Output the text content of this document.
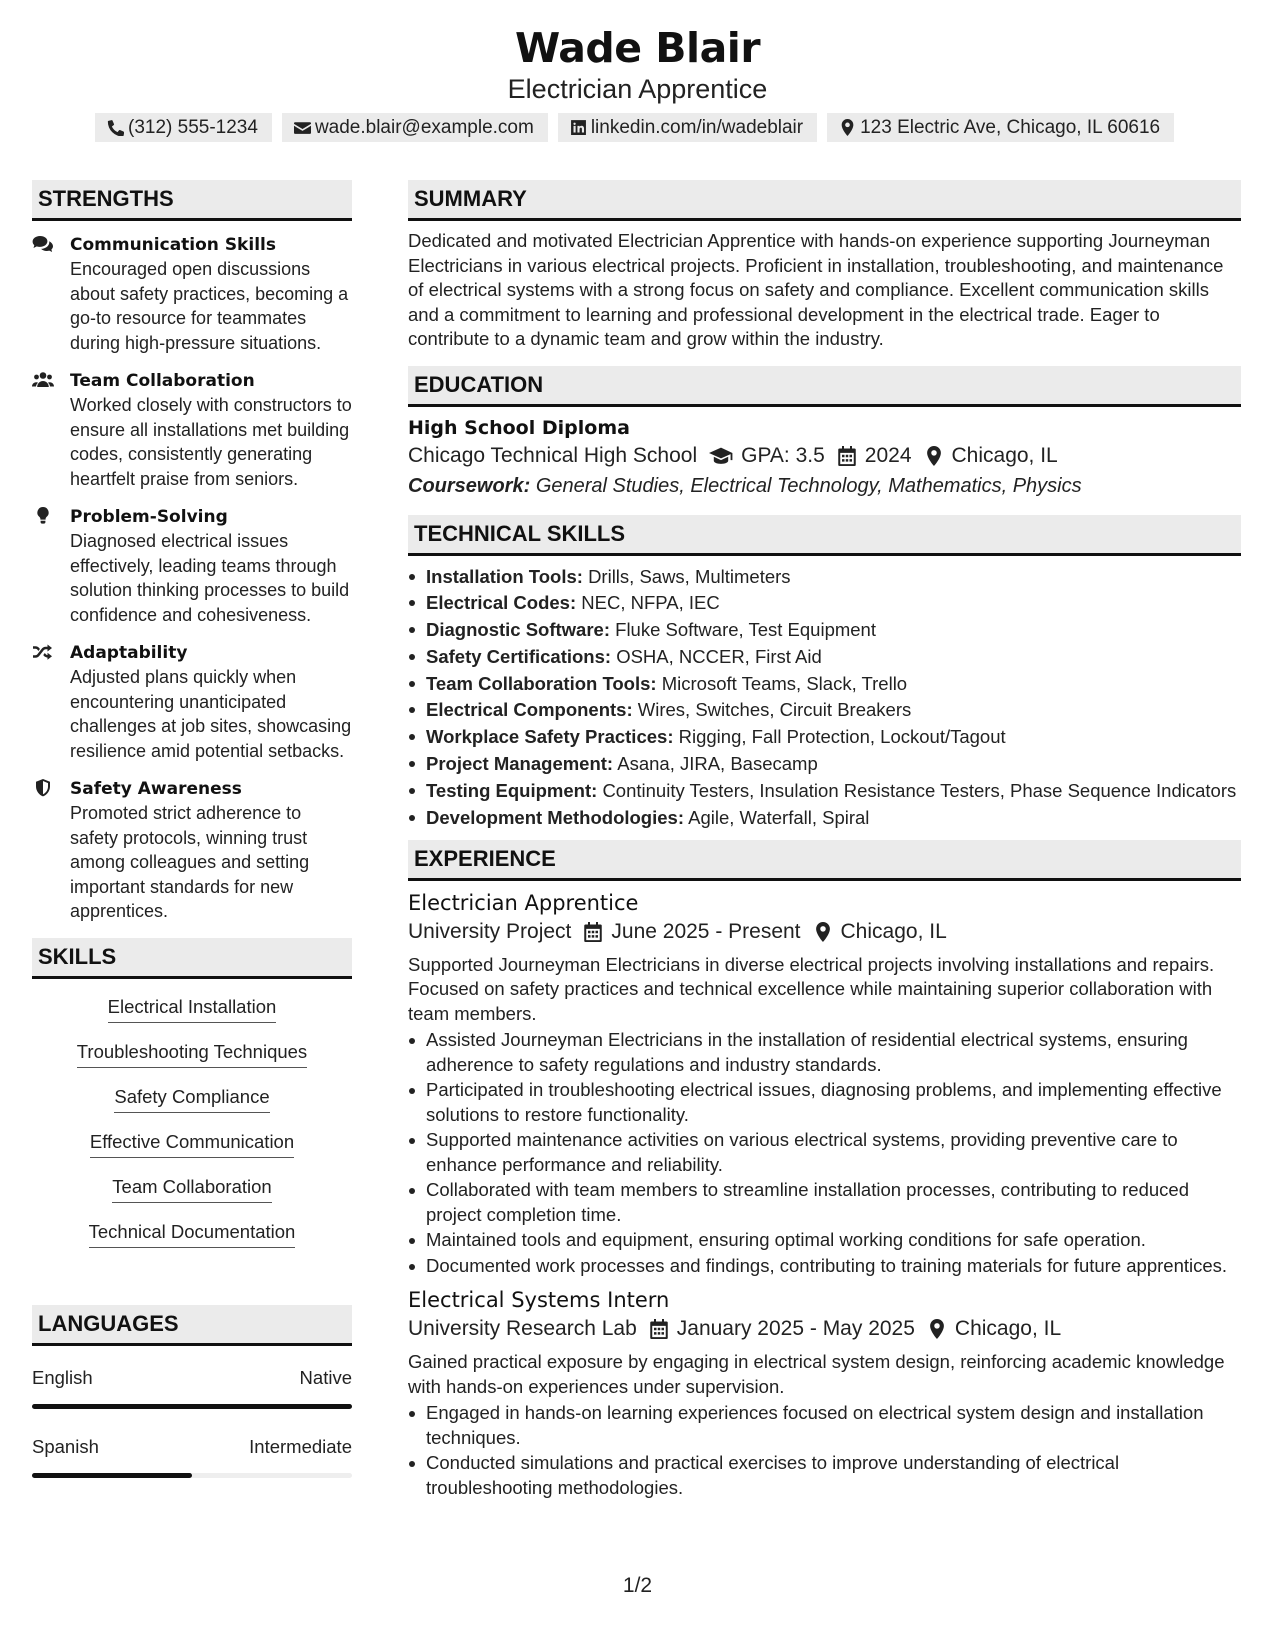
Wade Blair
Electrician Apprentice
(312) 555-1234	wade.blair@example.com	linkedin.com/in/wadeblair	123 Electric Ave, Chicago, IL 60616
STRENGTHS
Communication Skills
Encouraged open discussions about safety practices, becoming a go-to resource for teammates during high-pressure situations.
Team Collaboration
Worked closely with constructors to ensure all installations met building codes, consistently generating heartfelt praise from seniors.
Problem-Solving
Diagnosed electrical issues effectively, leading teams through solution thinking processes to build confidence and cohesiveness.
Adaptability
Adjusted plans quickly when encountering unanticipated challenges at job sites, showcasing resilience amid potential setbacks.
Safety Awareness
Promoted strict adherence to safety protocols, winning trust among colleagues and setting important standards for new apprentices.
SKILLS
Electrical Installation
Troubleshooting Techniques
Safety Compliance
Effective Communication
Team Collaboration
Technical Documentation
LANGUAGES
English	Native
Spanish	Intermediate
SUMMARY
Dedicated and motivated Electrician Apprentice with hands-on experience supporting Journeyman Electricians in various electrical projects. Proficient in installation, troubleshooting, and maintenance of electrical systems with a strong focus on safety and compliance. Excellent communication skills and a commitment to learning and professional development in the electrical trade. Eager to contribute to a dynamic team and grow within the industry.
EDUCATION
High School Diploma
Chicago Technical High School GPA: 3.5 2024 Chicago, IL
Coursework: General Studies, Electrical Technology, Mathematics, Physics
TECHNICAL SKILLS
Installation Tools: Drills, Saws, Multimeters
Electrical Codes: NEC, NFPA, IEC
Diagnostic Software: Fluke Software, Test Equipment
Safety Certifications: OSHA, NCCER, First Aid
Team Collaboration Tools: Microsoft Teams, Slack, Trello
Electrical Components: Wires, Switches, Circuit Breakers
Workplace Safety Practices: Rigging, Fall Protection, Lockout/Tagout
Project Management: Asana, JIRA, Basecamp
Testing Equipment: Continuity Testers, Insulation Resistance Testers, Phase Sequence Indicators
Development Methodologies: Agile, Waterfall, Spiral
EXPERIENCE
Electrician Apprentice
University Project June 2025 - Present Chicago, IL
Supported Journeyman Electricians in diverse electrical projects involving installations and repairs. Focused on safety practices and technical excellence while maintaining superior collaboration with team members.
Assisted Journeyman Electricians in the installation of residential electrical systems, ensuring adherence to safety regulations and industry standards.
Participated in troubleshooting electrical issues, diagnosing problems, and implementing effective solutions to restore functionality.
Supported maintenance activities on various electrical systems, providing preventive care to enhance performance and reliability.
Collaborated with team members to streamline installation processes, contributing to reduced project completion time.
Maintained tools and equipment, ensuring optimal working conditions for safe operation.
Documented work processes and findings, contributing to training materials for future apprentices.
Electrical Systems Intern
University Research Lab January 2025 - May 2025 Chicago, IL
Gained practical exposure by engaging in electrical system design, reinforcing academic knowledge with hands-on experiences under supervision.
Engaged in hands-on learning experiences focused on electrical system design and installation techniques.
Conducted simulations and practical exercises to improve understanding of electrical troubleshooting methodologies.
1/2
